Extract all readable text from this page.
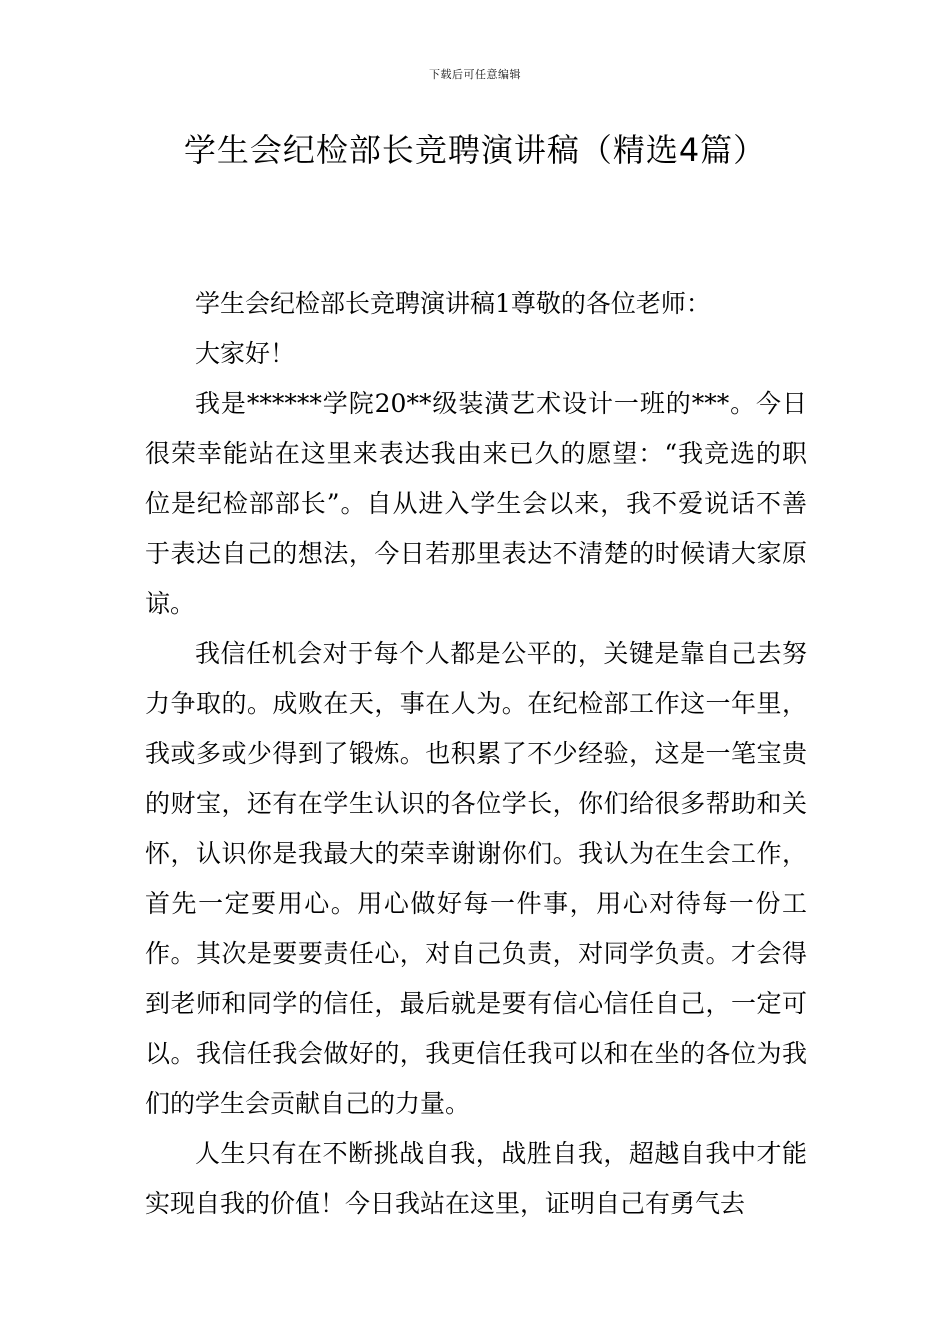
下载后可任意编辑
学生会纪检部长竞聘演讲稿（精选4篇）

学生会纪检部长竞聘演讲稿1尊敬的各位老师：

大家好！

我是******学院20**级装潢艺术设计一班的***。今日很荣幸能站在这里来表达我由来已久的愿望：“我竞选的职位是纪检部部长”。自从进入学生会以来，我不爱说话不善于表达自己的想法，今日若那里表达不清楚的时候请大家原谅。

我信任机会对于每个人都是公平的，关键是靠自己去努力争取的。成败在天，事在人为。在纪检部工作这一年里，我或多或少得到了锻炼。也积累了不少经验，这是一笔宝贵的财宝，还有在学生认识的各位学长，你们给很多帮助和关怀，认识你是我最大的荣幸谢谢你们。我认为在生会工作，首先一定要用心。用心做好每一件事，用心对待每一份工作。其次是要要责任心，对自己负责，对同学负责。才会得到老师和同学的信任，最后就是要有信心信任自己，一定可以。我信任我会做好的，我更信任我可以和在坐的各位为我们的学生会贡献自己的力量。

人生只有在不断挑战自我，战胜自我，超越自我中才能实现自我的价值！今日我站在这里，证明自己有勇气去
